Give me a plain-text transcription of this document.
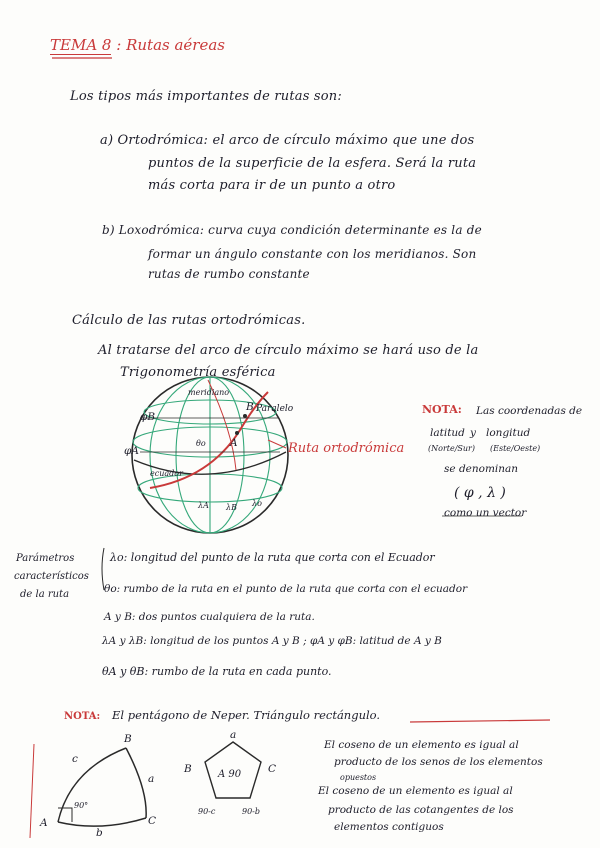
TEMA 8 : Rutas aéreas
Los tipos más importantes de rutas son:
a) Ortodrómica: el arco de círculo máximo que une dos
puntos de la superficie de la esfera. Será la ruta
más corta para ir de un punto a otro
b) Loxodrómica: curva cuya condición determinante es la de
formar un ángulo constante con los meridianos. Son
rutas de rumbo constante
Cálculo de las rutas ortodrómicas.
Al tratarse del arco de círculo máximo se hará uso de la
Trigonometría esférica
meridiano
Paralelo
Ruta ortodrómica
ecuador
φB
φA
B
A
θo
λA λB λo
NOTA: Las coordenadas de
latitud y longitud
(Norte/Sur) (Este/Oeste)
se denominan
( φ , λ )
como un vector
Parámetros
característicos
de la ruta
λo: longitud del punto de la ruta que corta con el Ecuador
θo: rumbo de la ruta en el punto de la ruta que corta con el ecuador
A y B: dos puntos cualquiera de la ruta.
λA y λB: longitud de los puntos A y B ; φA y φB: latitud de A y B
θA y θB: rumbo de la ruta en cada punto.
NOTA: El pentágono de Neper. Triángulo rectángulo.
B
c
a
90°
A	C
b
a
B	C
A 90
90-c	90-b
El coseno de un elemento es igual al
producto de los senos de los elementos
opuestos
El coseno de un elemento es igual al
producto de las cotangentes de los
elementos contiguos
